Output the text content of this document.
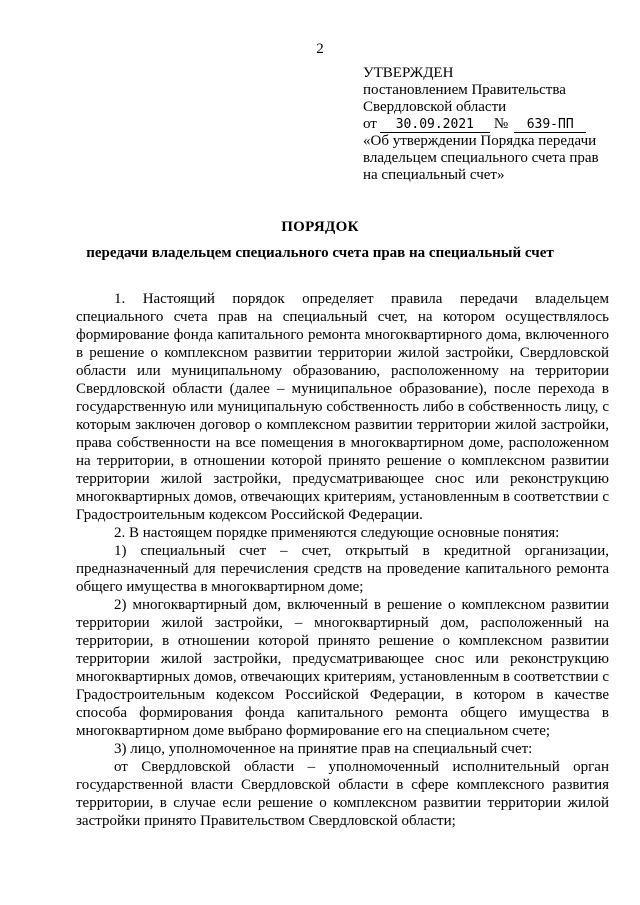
2
УТВЕРЖДЕН
постановлением Правительства
Свердловской области
от	30.09.2021	№	639-ПП
«Об утверждении Порядка передачи
владельцем специального счета прав
на специальный счет»
ПОРЯДОК
передачи владельцем специального счета прав на специальный счет

1. Настоящий порядок определяет правила передачи владельцем специального счета прав на специальный счет, на котором осуществлялось формирование фонда капитального ремонта многоквартирного дома, включенного в решение о комплексном развитии территории жилой застройки, Свердловской области или муниципальному образованию, расположенному на территории Свердловской области (далее – муниципальное образование), после перехода в государственную или муниципальную собственность либо в собственность лицу, с которым заключен договор о комплексном развитии территории жилой застройки, права собственности на все помещения в многоквартирном доме, расположенном на территории, в отношении которой принято решение о комплексном развитии территории жилой застройки, предусматривающее снос или реконструкцию многоквартирных домов, отвечающих критериям, установленным в соответствии с Градостроительным кодексом Российской Федерации.

2. В настоящем порядке применяются следующие основные понятия:

1) специальный счет – счет, открытый в кредитной организации, предназначенный для перечисления средств на проведение капитального ремонта общего имущества в многоквартирном доме;

2) многоквартирный дом, включенный в решение о комплексном развитии территории жилой застройки, – многоквартирный дом, расположенный на территории, в отношении которой принято решение о комплексном развитии территории жилой застройки, предусматривающее снос или реконструкцию многоквартирных домов, отвечающих критериям, установленным в соответствии с Градостроительным кодексом Российской Федерации, в котором в качестве способа формирования фонда капитального ремонта общего имущества в многоквартирном доме выбрано формирование его на специальном счете;

3) лицо, уполномоченное на принятие прав на специальный счет:

от Свердловской области – уполномоченный исполнительный орган государственной власти Свердловской области в сфере комплексного развития территории, в случае если решение о комплексном развитии территории жилой застройки принято Правительством Свердловской области;
